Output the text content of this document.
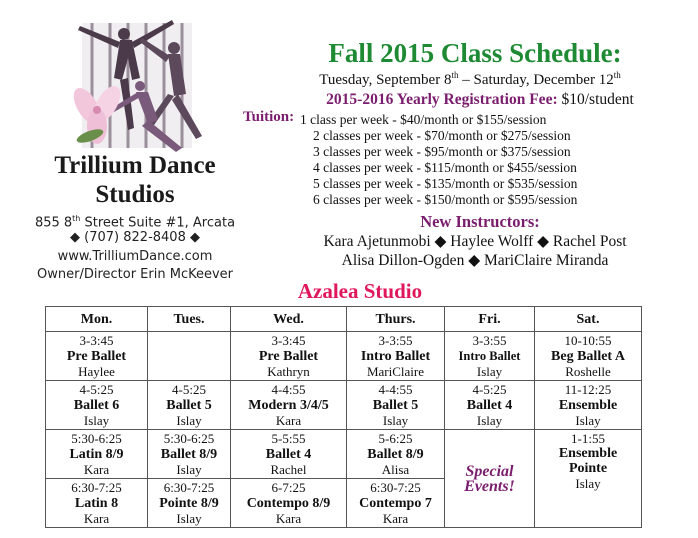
Trillium Dance
Studios
855 8th Street Suite #1, Arcata
◆ (707) 822-8408 ◆
www.TrilliumDance.com
Owner/Director Erin McKeever
Fall 2015 Class Schedule:
Tuesday, September 8th – Saturday, December 12th
2015-2016 Yearly Registration Fee: $10/student
Tuition: 1 class per week - $40/month or $155/session
2 classes per week - $70/month or $275/session
3 classes per week - $95/month or $375/session
4 classes per week - $115/month or $455/session
5 classes per week - $135/month or $535/session
6 classes per week - $150/month or $595/session
New Instructors:
Kara Ajetunmobi ◆ Haylee Wolff ◆ Rachel Post
Alisa Dillon-Ogden ◆ MariClaire Miranda
Azalea Studio
Mon.	Tues.	Wed.	Thurs.	Fri.	Sat.
3-3:45
Pre Ballet
Haylee		3-3:45
Pre Ballet
Kathryn	3-3:55
Intro Ballet
MariClaire	3-3:55
Intro Ballet
Islay	10-10:55
Beg Ballet A
Roshelle
4-5:25
Ballet 6
Islay	4-5:25
Ballet 5
Islay	4-4:55
Modern 3/4/5
Kara	4-4:55
Ballet 5
Islay	4-5:25
Ballet 4
Islay	11-12:25
Ensemble
Islay
5:30-6:25
Latin 8/9
Kara	5:30-6:25
Ballet 8/9
Islay	5-5:55
Ballet 4
Rachel	5-6:25
Ballet 8/9
Alisa	Special Events!	1-1:55
Ensemble Pointe
Islay
6:30-7:25
Latin 8
Kara	6:30-7:25
Pointe 8/9
Islay	6-7:25
Contempo 8/9
Kara	6:30-7:25
Contempo 7
Kara		
